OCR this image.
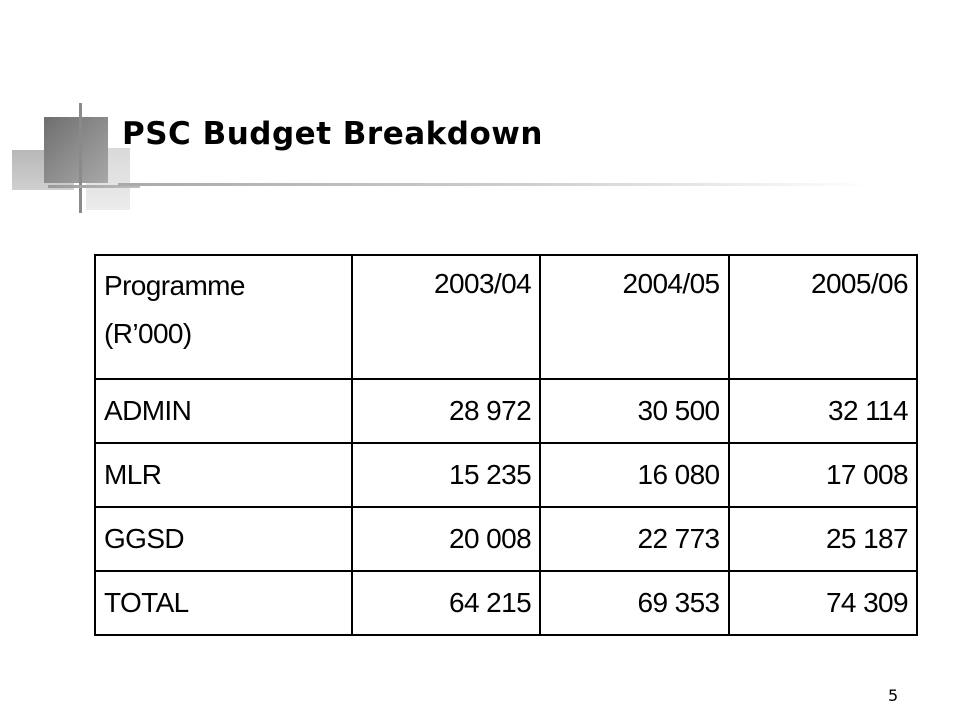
PSC Budget Breakdown
Programme
(R’000)	2003/04	2004/05	2005/06
ADMIN	28 972	30 500	32 114
MLR	15 235	16 080	17 008
GGSD	20 008	22 773	25 187
TOTAL	64 215	69 353	74 309
5
